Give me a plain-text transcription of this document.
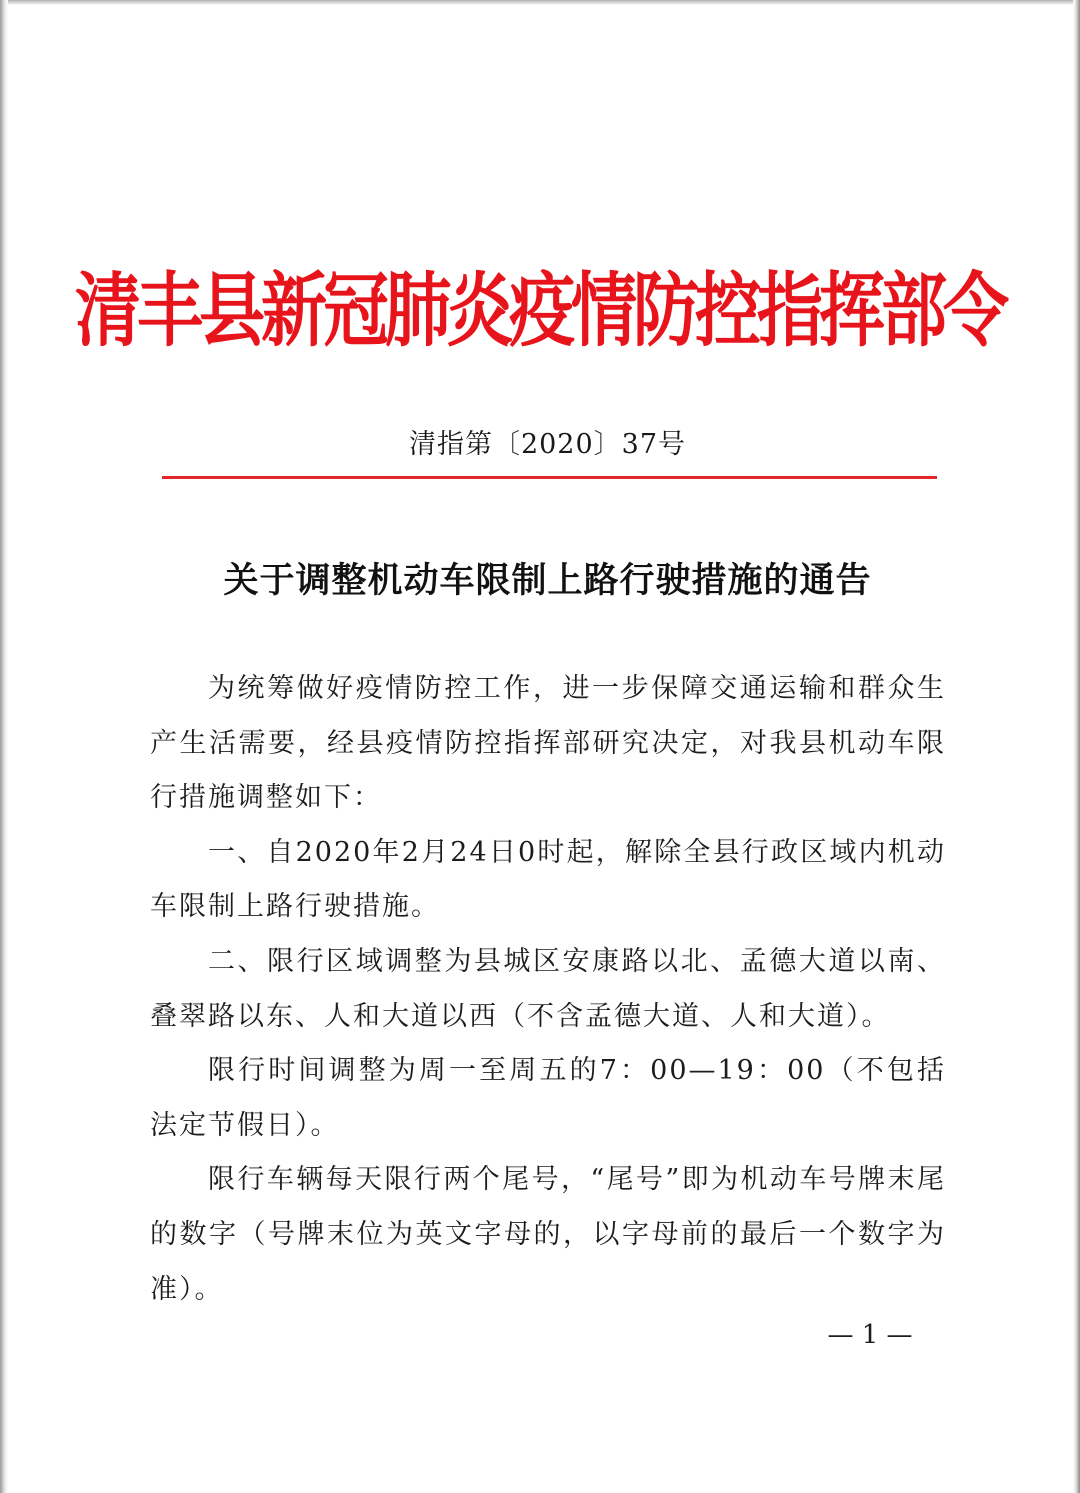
清丰县新冠肺炎疫情防控指挥部令
清指第〔2020〕37号
关于调整机动车限制上路行驶措施的通告

为统筹做好疫情防控工作，进一步保障交通运输和群众生产生活需要，经县疫情防控指挥部研究决定，对我县机动车限行措施调整如下：

一、自2020年2月24日0时起，解除全县行政区域内机动车限制上路行驶措施。

二、限行区域调整为县城区安康路以北、孟德大道以南、叠翠路以东、人和大道以西（不含孟德大道、人和大道）。

限行时间调整为周一至周五的7：00—19：00（不包括法定节假日）。

限行车辆每天限行两个尾号，“尾号”即为机动车号牌末尾的数字（号牌末位为英文字母的，以字母前的最后一个数字为准）。

— 1 —
